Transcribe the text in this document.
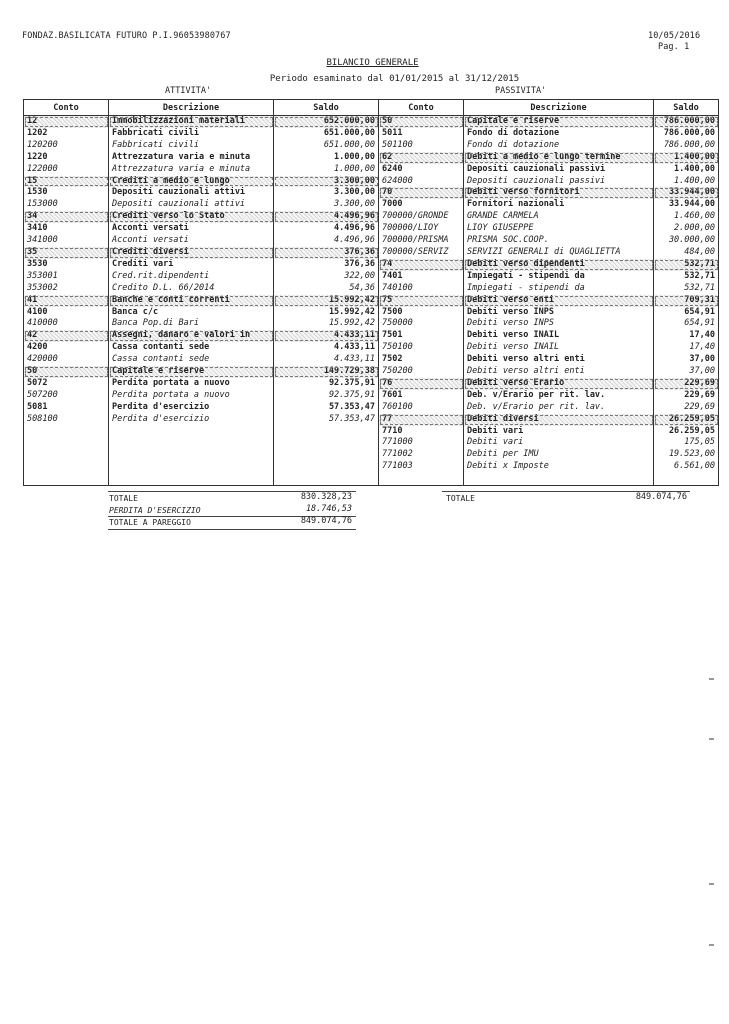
FONDAZ.BASILICATA FUTURO P.I.96053980767	10/05/2016
Pag. 1
BILANCIO GENERALE
Periodo esaminato dal 01/01/2015 al 31/12/2015
ATTIVITA'	PASSIVITA'
Conto	Descrizione	Saldo	Conto	Descrizione	Saldo
12	Immobilizzazioni materiali	652.000,00	50	Capitale e riserve	786.000,00
1202	Fabbricati civili	651.000,00	5011	Fondo di dotazione	786.000,00
120200	Fabbricati civili	651.000,00	501100	Fondo di dotazione	786.000,00
1220	Attrezzatura varia e minuta	1.000,00	62	Debiti a medio e lungo termine	1.400,00
122000	Attrezzatura varia e minuta	1.000,00	6240	Depositi cauzionali passivi	1.400,00
15	Crediti a medio e lungo	3.300,00	624000	Depositi cauzionali passivi	1.400,00
1530	Depositi cauzionali attivi	3.300,00	70	Debiti verso fornitori	33.944,00
153000	Depositi cauzionali attivi	3.300,00	7000	Fornitori nazionali	33.944,00
34	Crediti verso lo Stato	4.496,96	700000/GRONDE	GRANDE CARMELA	1.460,00
3410	Acconti versati	4.496,96	700000/LIOY	LIOY GIUSEPPE	2.000,00
341000	Acconti versati	4.496,96	700000/PRISMA	PRISMA SOC.COOP.	30.000,00
35	Crediti diversi	376,36	700000/SERVIZ	SERVIZI GENERALI di QUAGLIETTA	484,00
3530	Crediti vari	376,36	74	Debiti verso dipendenti	532,71
353001	Cred.rit.dipendenti	322,00	7401	Impiegati - stipendi da	532,71
353002	Credito D.L. 66/2014	54,36	740100	Impiegati - stipendi da	532,71
41	Banche e conti correnti	15.992,42	75	Debiti verso enti	709,31
4100	Banca c/c	15.992,42	7500	Debiti verso INPS	654,91
410000	Banca Pop.di Bari	15.992,42	750000	Debiti verso INPS	654,91
42	Assegni, danaro e valori in	4.433,11	7501	Debiti verso INAIL	17,40
4200	Cassa contanti sede	4.433,11	750100	Debiti verso INAIL	17,40
420000	Cassa contanti sede	4.433,11	7502	Debiti verso altri enti	37,00
50	Capitale e riserve	149.729,38	750200	Debiti verso altri enti	37,00
5072	Perdita portata a nuovo	92.375,91	76	Debiti verso Erario	229,69
507200	Perdita portata a nuovo	92.375,91	7601	Deb. v/Erario per rit. lav.	229,69
5081	Perdita d'esercizio	57.353,47	760100	Deb. v/Erario per rit. lav.	229,69
508100	Perdita d'esercizio	57.353,47	77	Debiti diversi	26.259,05
			7710	Debiti vari	26.259,05
			771000	Debiti vari	175,05
			771002	Debiti per IMU	19.523,00
			771003	Debiti x Imposte	6.561,00

TOTALE	830.328,23
PERDITA D'ESERCIZIO	18.746,53
TOTALE A PAREGGIO	849.074,76
TOTALE	849.074,76
